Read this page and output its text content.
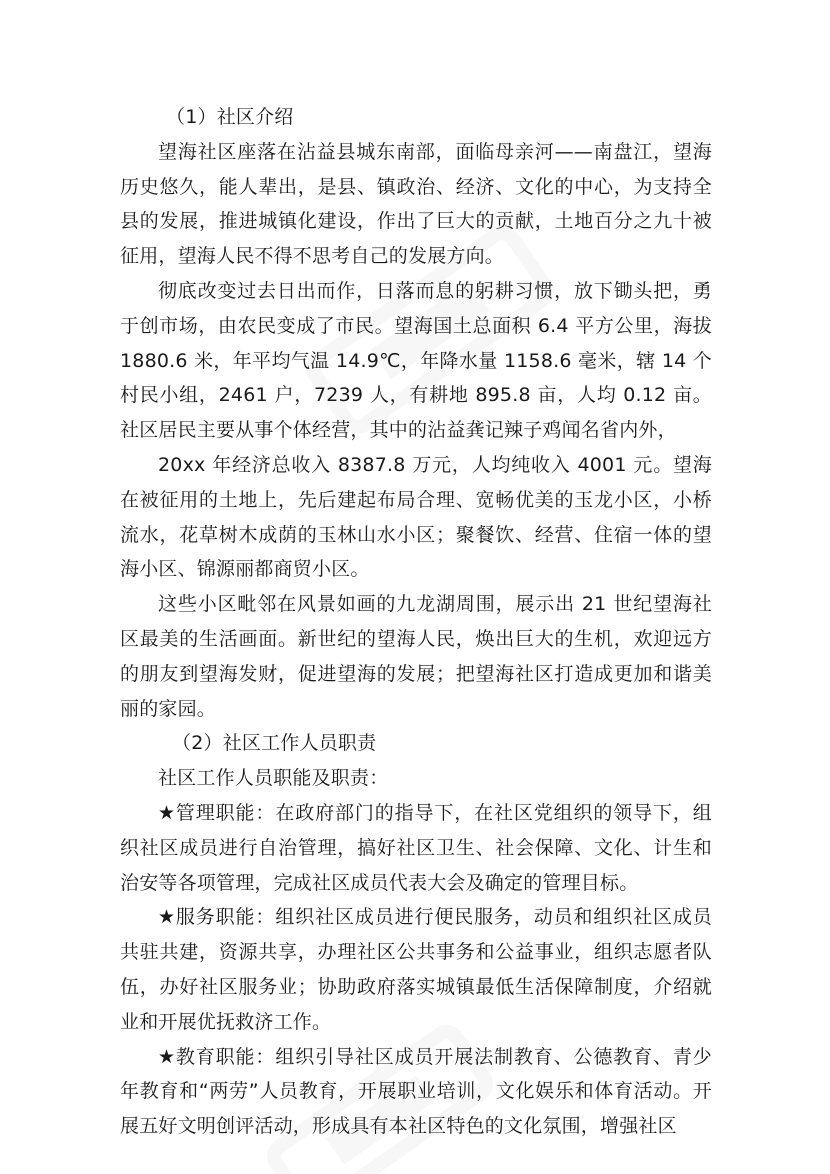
（1）社区介绍

望海社区座落在沾益县城东南部，面临母亲河——南盘江，望海历史悠久，能人辈出，是县、镇政治、经济、文化的中心，为支持全县的发展，推进城镇化建设，作出了巨大的贡献，土地百分之九十被征用，望海人民不得不思考自己的发展方向。

彻底改变过去日出而作，日落而息的躬耕习惯，放下锄头把，勇于创市场，由农民变成了市民。望海国土总面积 6.4 平方公里，海拔 1880.6 米，年平均气温 14.9℃，年降水量 1158.6 毫米，辖 14 个村民小组，2461 户，7239 人，有耕地 895.8 亩，人均 0.12 亩。社区居民主要从事个体经营，其中的沾益龚记辣子鸡闻名省内外，

20xx 年经济总收入 8387.8 万元，人均纯收入 4001 元。望海在被征用的土地上，先后建起布局合理、宽畅优美的玉龙小区，小桥流水，花草树木成荫的玉林山水小区；聚餐饮、经营、住宿一体的望海小区、锦源丽都商贸小区。

这些小区毗邻在风景如画的九龙湖周围，展示出 21 世纪望海社区最美的生活画面。新世纪的望海人民，焕出巨大的生机，欢迎远方的朋友到望海发财，促进望海的发展；把望海社区打造成更加和谐美丽的家园。

（2）社区工作人员职责

社区工作人员职能及职责：

★管理职能：在政府部门的指导下，在社区党组织的领导下，组织社区成员进行自治管理，搞好社区卫生、社会保障、文化、计生和治安等各项管理，完成社区成员代表大会及确定的管理目标。

★服务职能：组织社区成员进行便民服务，动员和组织社区成员共驻共建，资源共享，办理社区公共事务和公益事业，组织志愿者队伍，办好社区服务业；协助政府落实城镇最低生活保障制度，介绍就业和开展优抚救济工作。

★教育职能：组织引导社区成员开展法制教育、公德教育、青少年教育和“两劳”人员教育，开展职业培训，文化娱乐和体育活动。开展五好文明创评活动，形成具有本社区特色的文化氛围，增强社区
